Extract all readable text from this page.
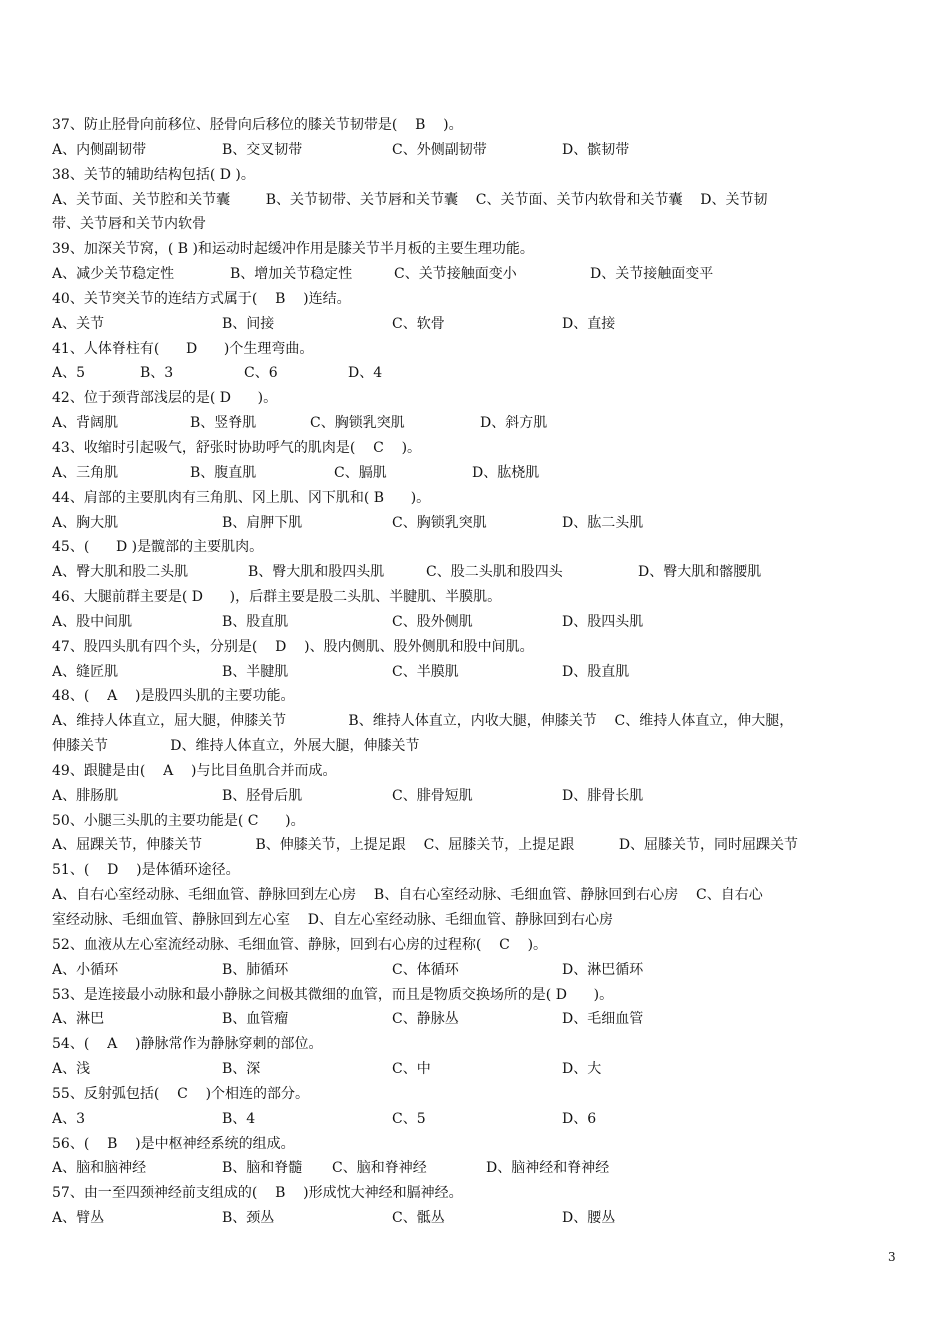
37、防止胫骨向前移位、胫骨向后移位的膝关节韧带是(    B    )。
A、内侧副韧带	B、交叉韧带	C、外侧副韧带	D、髌韧带
38、关节的辅助结构包括( D )。
A、关节面、关节腔和关节囊        B、关节韧带、关节唇和关节囊    C、关节面、关节内软骨和关节囊    D、关节韧
带、关节唇和关节内软骨
39、加深关节窝，( B )和运动时起缓冲作用是膝关节半月板的主要生理功能。
A、减少关节稳定性	B、增加关节稳定性	C、关节接触面变小	D、关节接触面变平
40、关节突关节的连结方式属于(    B    )连结。
A、关节	B、间接	C、软骨	D、直接
41、人体脊柱有(      D      )个生理弯曲。
A、5	B、3	C、6	D、4
42、位于颈背部浅层的是( D      )。
A、背阔肌	B、竖脊肌	C、胸锁乳突肌	D、斜方肌
43、收缩时引起吸气，舒张时协助呼气的肌肉是(    C    )。
A、三角肌	B、腹直肌	C、膈肌	D、肱桡肌
44、肩部的主要肌肉有三角肌、冈上肌、冈下肌和( B      )。
A、胸大肌	B、肩胛下肌	C、胸锁乳突肌	D、肱二头肌
45、(      D )是髋部的主要肌肉。
A、臀大肌和股二头肌	B、臀大肌和股四头肌	C、股二头肌和股四头	D、臀大肌和髂腰肌
46、大腿前群主要是( D      )，后群主要是股二头肌、半腱肌、半膜肌。
A、股中间肌	B、股直肌	C、股外侧肌	D、股四头肌
47、股四头肌有四个头，分别是(    D    )、股内侧肌、股外侧肌和股中间肌。
A、缝匠肌	B、半腱肌	C、半膜肌	D、股直肌
48、(    A    )是股四头肌的主要功能。
A、维持人体直立，屈大腿，伸膝关节              B、维持人体直立，内收大腿，伸膝关节    C、维持人体直立，伸大腿，
伸膝关节              D、维持人体直立，外展大腿，伸膝关节
49、跟腱是由(    A    )与比目鱼肌合并而成。
A、腓肠肌	B、胫骨后肌	C、腓骨短肌	D、腓骨长肌
50、小腿三头肌的主要功能是( C      )。
A、屈踝关节，伸膝关节            B、伸膝关节，上提足跟    C、屈膝关节，上提足跟          D、屈膝关节，同时屈踝关节
51、(    D    )是体循环途径。
A、自右心室经动脉、毛细血管、静脉回到左心房    B、自右心室经动脉、毛细血管、静脉回到右心房    C、自右心
室经动脉、毛细血管、静脉回到左心室    D、自左心室经动脉、毛细血管、静脉回到右心房
52、血液从左心室流经动脉、毛细血管、静脉，回到右心房的过程称(    C    )。
A、小循环	B、肺循环	C、体循环	D、淋巴循环
53、是连接最小动脉和最小静脉之间极其微细的血管，而且是物质交换场所的是( D      )。
A、淋巴	B、血管瘤	C、静脉丛	D、毛细血管
54、(    A    )静脉常作为静脉穿刺的部位。
A、浅	B、深	C、中	D、大
55、反射弧包括(    C    )个相连的部分。
A、3	B、4	C、5	D、6
56、(    B    )是中枢神经系统的组成。
A、脑和脑神经	B、脑和脊髓 C、脑和脊神经	D、脑神经和脊神经
57、由一至四颈神经前支组成的(    B    )形成忱大神经和膈神经。
A、臂丛	B、颈丛	C、骶丛	D、腰丛
3
